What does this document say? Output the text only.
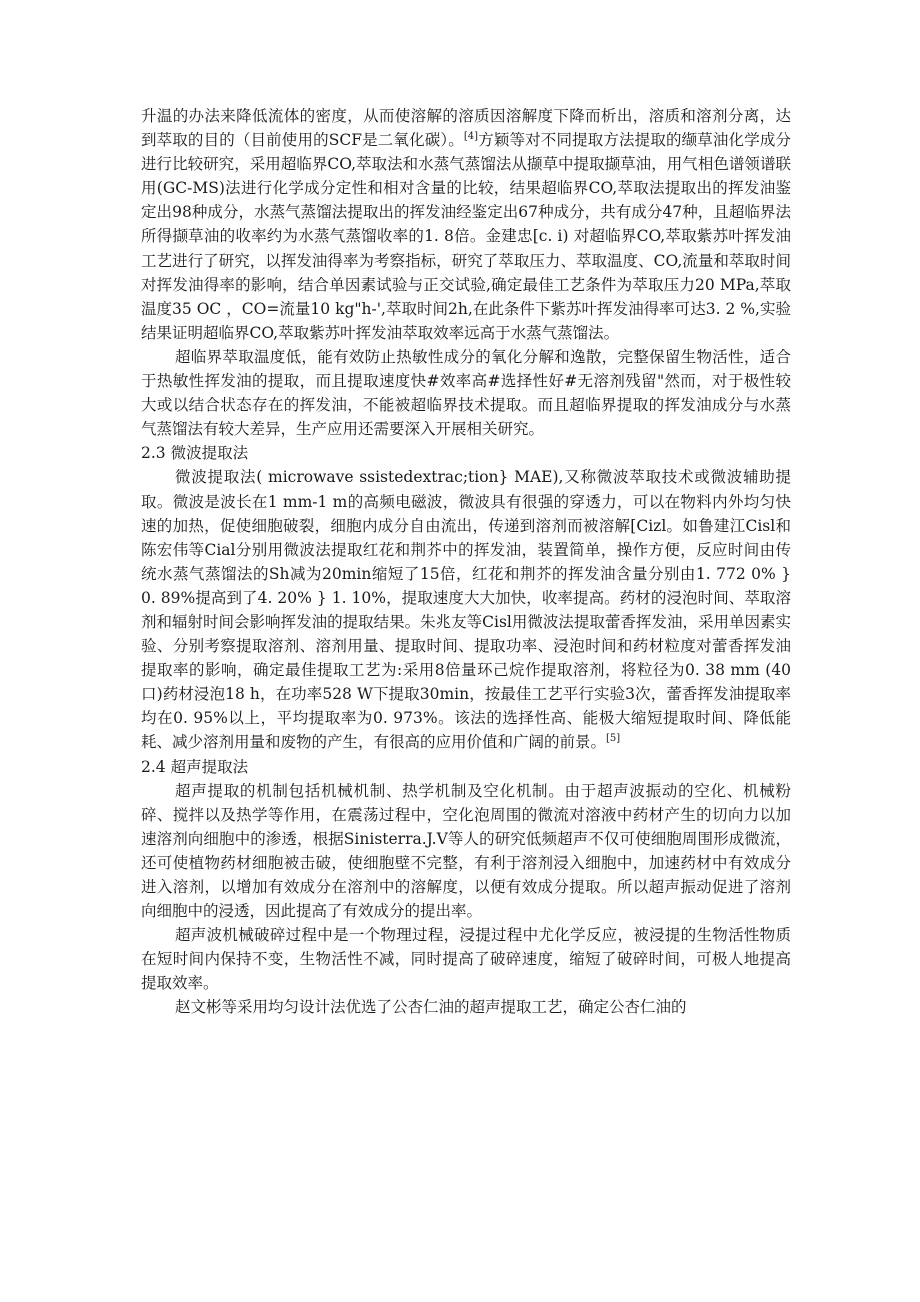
升温的办法来降低流体的密度，从而使溶解的溶质因溶解度下降而析出，溶质和溶剂分离，达到萃取的目的（目前使用的SCF是二氧化碳）。[4]方颖等对不同提取方法提取的缬草油化学成分进行比较研究，采用超临界CO,萃取法和水蒸气蒸馏法从撷草中提取撷草油，用气相色谱领谱联用(GC-MS)法进行化学成分定性和相对含量的比较，结果超临界CO,萃取法提取出的挥发油鉴定出98种成分，水蒸气蒸馏法提取出的挥发油经鉴定出67种成分，共有成分47种，且超临界法所得撷草油的收率约为水蒸气蒸馏收率的1. 8倍。金建忠[c. i) 对超临界CO,萃取紫苏叶挥发油工艺进行了研究，以挥发油得率为考察指标，研究了萃取压力、萃取温度、CO,流量和萃取时间对挥发油得率的影响，结合单因素试验与正交试验,确定最佳工艺条件为萃取压力20 MPa,萃取温度35 OC ，CO=流量10 kg"h-',萃取时间2h,在此条件下紫苏叶挥发油得率可达3. 2 %,实验结果证明超临界CO,萃取紫苏叶挥发油萃取效率远高于水蒸气蒸馏法。

超临界萃取温度低，能有效防止热敏性成分的氧化分解和逸散，完整保留生物活性，适合于热敏性挥发油的提取，而且提取速度快#效率高#选择性好#无溶剂残留"然而，对于极性较大或以结合状态存在的挥发油，不能被超临界技术提取。而且超临界提取的挥发油成分与水蒸气蒸馏法有较大差异，生产应用还需要深入开展相关研究。

2.3 微波提取法

微波提取法( microwave ssistedextrac;tion} MAE),又称微波萃取技术或微波辅助提取。微波是波长在1 mm-1 m的高频电磁波，微波具有很强的穿透力，可以在物料内外均匀快速的加热，促使细胞破裂，细胞内成分自由流出，传递到溶剂而被溶解[Cizl。如鲁建江Cisl和陈宏伟等Cial分别用微波法提取红花和荆芥中的挥发油，装置简单，操作方便，反应时间由传统水蒸气蒸馏法的Sh减为20min缩短了15倍，红花和荆芥的挥发油含量分别由1. 772 0% } 0. 89%提高到了4. 20% } 1. 10%，提取速度大大加快，收率提高。药材的浸泡时间、萃取溶剂和辐射时间会影响挥发油的提取结果。朱兆友等Cisl用微波法提取蕾香挥发油，采用单因素实验、分别考察提取溶剂、溶剂用量、提取时间、提取功率、浸泡时间和药材粒度对蕾香挥发油提取率的影响，确定最佳提取工艺为:采用8倍量环己烷作提取溶剂，将粒径为0. 38 mm (40口)药材浸泡18 h，在功率528 W下提取30min，按最佳工艺平行实验3次，蕾香挥发油提取率均在0. 95%以上，平均提取率为0. 973%。该法的选择性高、能极大缩短提取时间、降低能耗、减少溶剂用量和废物的产生，有很高的应用价值和广阔的前景。[5]

2.4 超声提取法

超声提取的机制包括机械机制、热学机制及空化机制。由于超声波振动的空化、机械粉碎、搅拌以及热学等作用，在震荡过程中，空化泡周围的微流对溶液中药材产生的切向力以加速溶剂向细胞中的渗透，根据Sinisterra.J.V等人的研究低频超声不仅可使细胞周围形成微流，还可使植物药材细胞被击破，使细胞壁不完整，有利于溶剂浸入细胞中，加速药材中有效成分进入溶剂，以增加有效成分在溶剂中的溶解度，以便有效成分提取。所以超声振动促进了溶剂向细胞中的浸透，因此提高了有效成分的提出率。

超声波机械破碎过程中是一个物理过程，浸提过程中尤化学反应，被浸提的生物活性物质在短时间内保持不变，生物活性不减，同时提高了破碎速度，缩短了破碎时间，可极人地提高提取效率。

赵文彬等采用均匀设计法优选了公杏仁油的超声提取工艺，确定公杏仁油的
